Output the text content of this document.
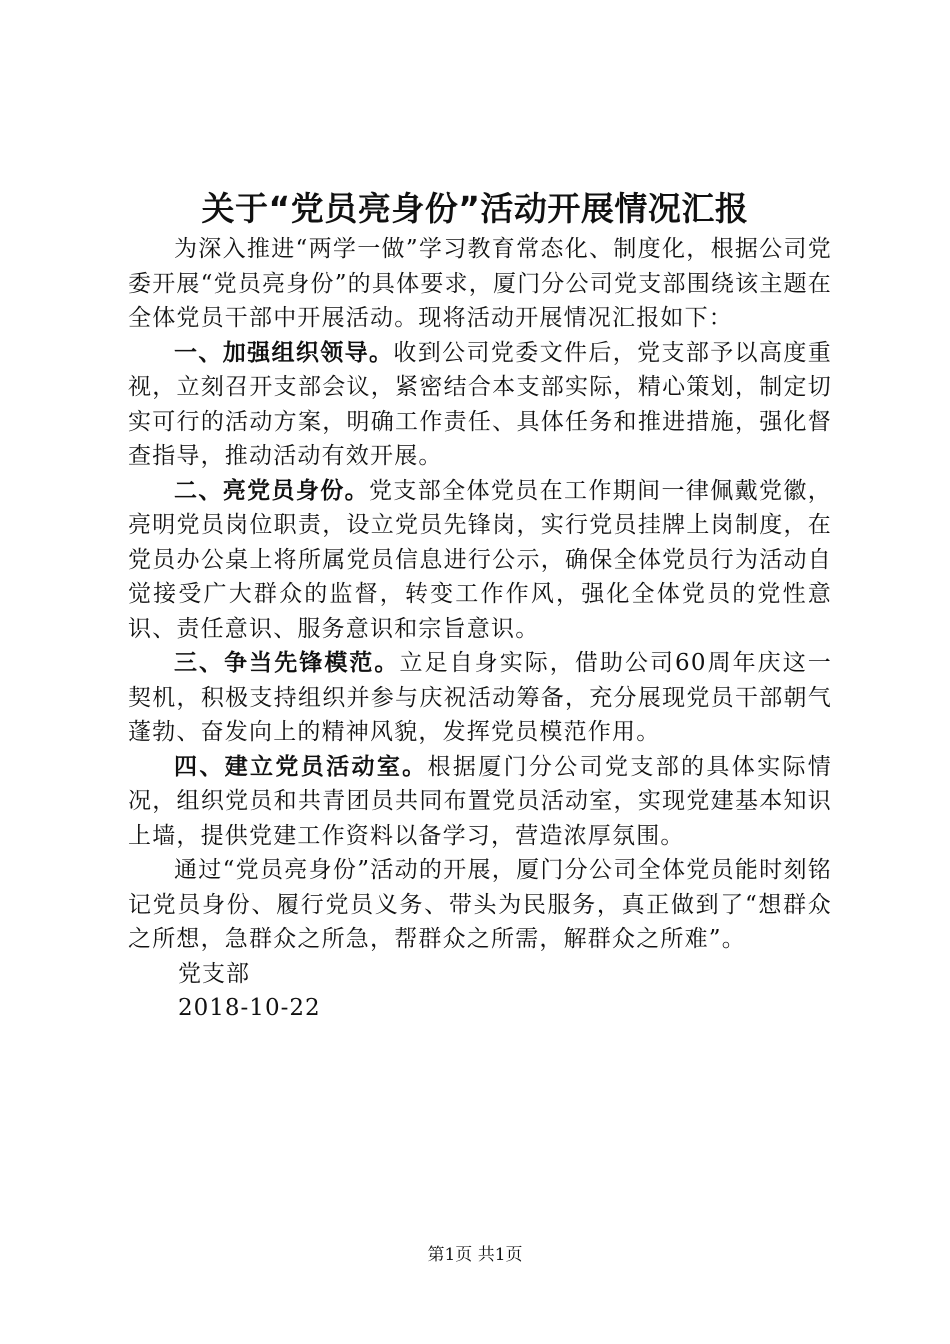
关于“党员亮身份”活动开展情况汇报

为深入推进“两学一做”学习教育常态化、制度化，根据公司党委开展“党员亮身份”的具体要求，厦门分公司党支部围绕该主题在全体党员干部中开展活动。现将活动开展情况汇报如下：

一、加强组织领导。收到公司党委文件后，党支部予以高度重视，立刻召开支部会议，紧密结合本支部实际，精心策划，制定切实可行的活动方案，明确工作责任、具体任务和推进措施，强化督查指导，推动活动有效开展。

二、亮党员身份。党支部全体党员在工作期间一律佩戴党徽，亮明党员岗位职责，设立党员先锋岗，实行党员挂牌上岗制度，在党员办公桌上将所属党员信息进行公示，确保全体党员行为活动自觉接受广大群众的监督，转变工作作风，强化全体党员的党性意识、责任意识、服务意识和宗旨意识。

三、争当先锋模范。立足自身实际，借助公司60周年庆这一契机，积极支持组织并参与庆祝活动筹备，充分展现党员干部朝气蓬勃、奋发向上的精神风貌，发挥党员模范作用。

四、建立党员活动室。根据厦门分公司党支部的具体实际情况，组织党员和共青团员共同布置党员活动室，实现党建基本知识上墙，提供党建工作资料以备学习，营造浓厚氛围。

通过“党员亮身份”活动的开展，厦门分公司全体党员能时刻铭记党员身份、履行党员义务、带头为民服务，真正做到了“想群众之所想，急群众之所急，帮群众之所需，解群众之所难”。

党支部

2018-10-22

第1页 共1页
